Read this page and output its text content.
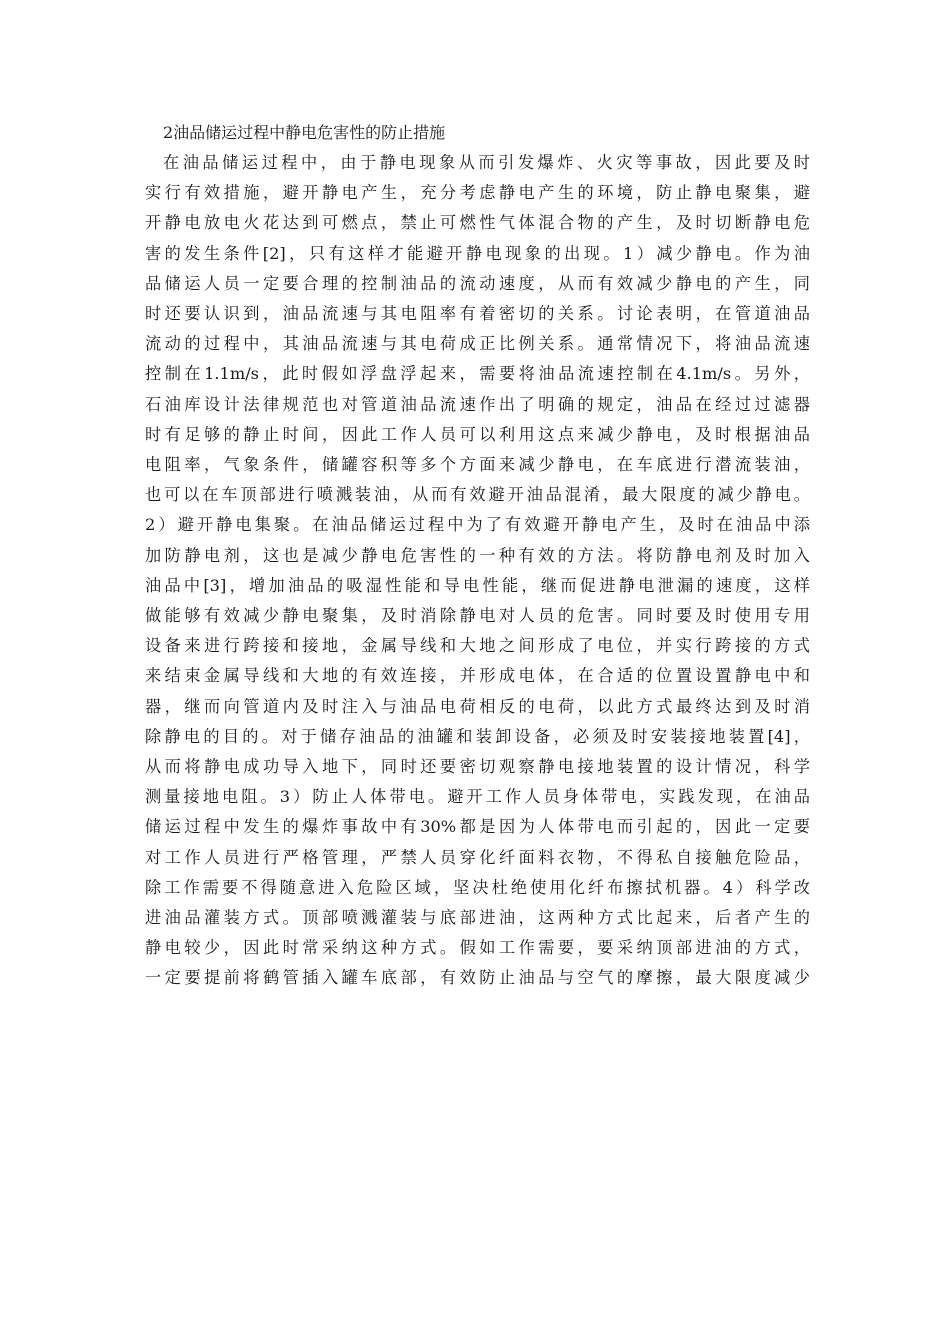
2油品储运过程中静电危害性的防止措施
在油品储运过程中，由于静电现象从而引发爆炸、火灾等事故，因此要及时
实行有效措施，避开静电产生，充分考虑静电产生的环境，防止静电聚集，避
开静电放电火花达到可燃点，禁止可燃性气体混合物的产生，及时切断静电危
害的发生条件[2]，只有这样才能避开静电现象的出现。1）减少静电。作为油
品储运人员一定要合理的控制油品的流动速度，从而有效减少静电的产生，同
时还要认识到，油品流速与其电阻率有着密切的关系。讨论表明，在管道油品
流动的过程中，其油品流速与其电荷成正比例关系。通常情况下，将油品流速
控制在1.1m/s，此时假如浮盘浮起来，需要将油品流速控制在4.1m/s。另外，
石油库设计法律规范也对管道油品流速作出了明确的规定，油品在经过过滤器
时有足够的静止时间，因此工作人员可以利用这点来减少静电，及时根据油品
电阻率，气象条件，储罐容积等多个方面来减少静电，在车底进行潜流装油，
也可以在车顶部进行喷溅装油，从而有效避开油品混淆，最大限度的减少静电。
2）避开静电集聚。在油品储运过程中为了有效避开静电产生，及时在油品中添
加防静电剂，这也是减少静电危害性的一种有效的方法。将防静电剂及时加入
油品中[3]，增加油品的吸湿性能和导电性能，继而促进静电泄漏的速度，这样
做能够有效减少静电聚集，及时消除静电对人员的危害。同时要及时使用专用
设备来进行跨接和接地，金属导线和大地之间形成了电位，并实行跨接的方式
来结束金属导线和大地的有效连接，并形成电体，在合适的位置设置静电中和
器，继而向管道内及时注入与油品电荷相反的电荷，以此方式最终达到及时消
除静电的目的。对于储存油品的油罐和装卸设备，必须及时安装接地装置[4]，
从而将静电成功导入地下，同时还要密切观察静电接地装置的设计情况，科学
测量接地电阻。3）防止人体带电。避开工作人员身体带电，实践发现，在油品
储运过程中发生的爆炸事故中有30%都是因为人体带电而引起的，因此一定要
对工作人员进行严格管理，严禁人员穿化纤面料衣物，不得私自接触危险品，
除工作需要不得随意进入危险区域，坚决杜绝使用化纤布擦拭机器。4）科学改
进油品灌装方式。顶部喷溅灌装与底部进油，这两种方式比起来，后者产生的
静电较少，因此时常采纳这种方式。假如工作需要，要采纳顶部进油的方式，
一定要提前将鹤管插入罐车底部，有效防止油品与空气的摩擦，最大限度减少
